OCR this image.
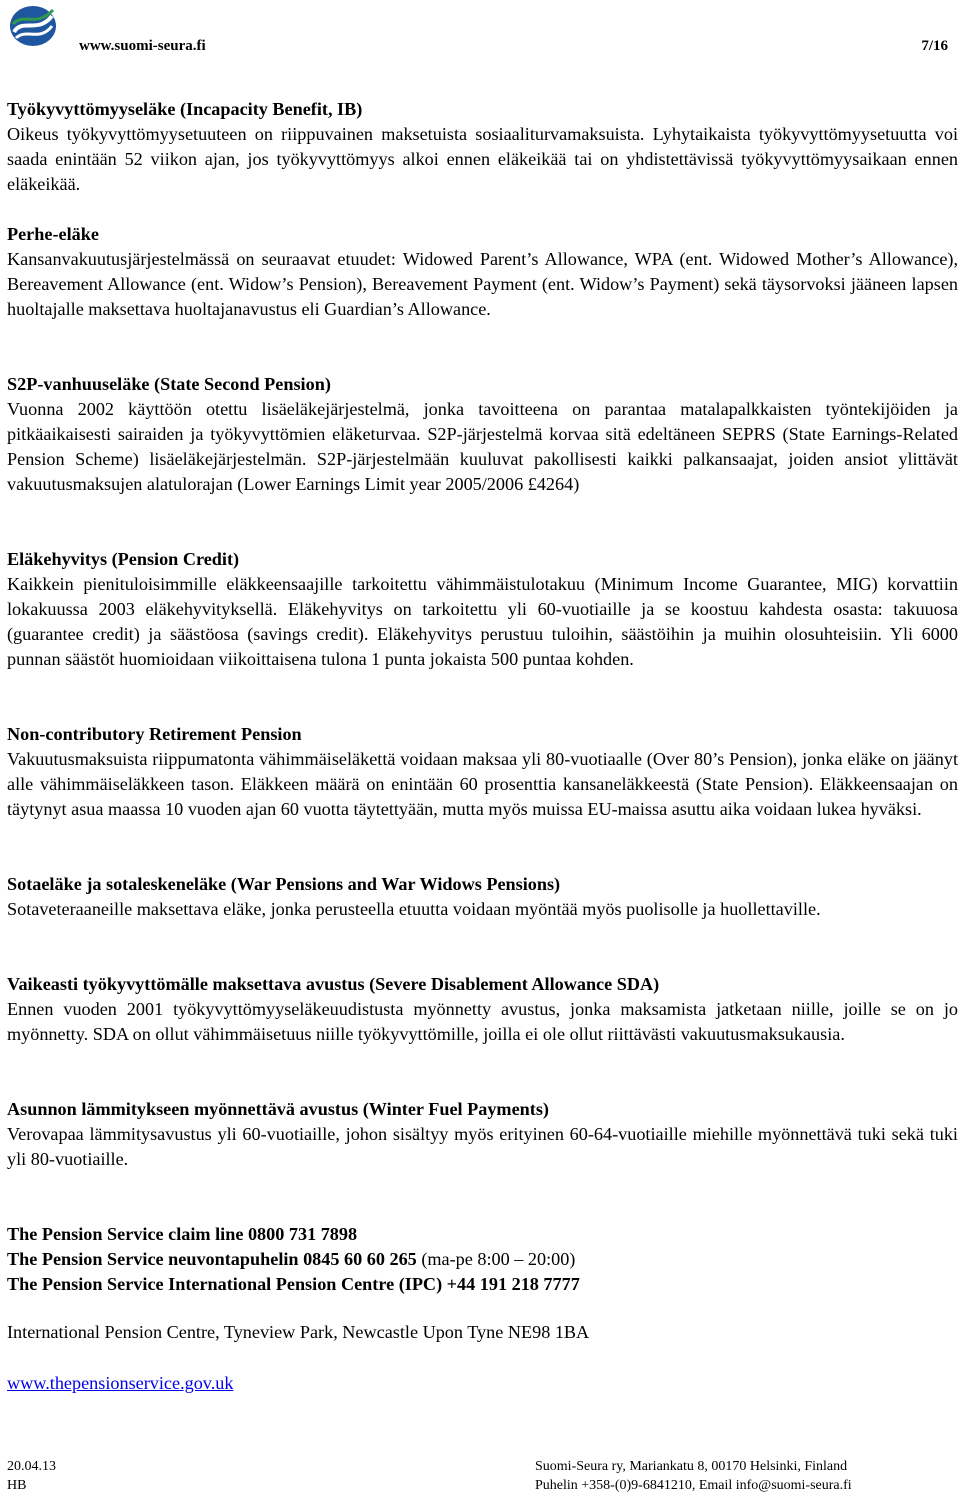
www.suomi-seura.fi	7/16
Työkyvyttömyyseläke (Incapacity Benefit, IB)

Oikeus työkyvyttömyysetuuteen on riippuvainen maksetuista sosiaaliturvamaksuista. Lyhytaikaista työkyvyttömyysetuutta voi saada enintään 52 viikon ajan, jos työkyvyttömyys alkoi ennen eläkeikää tai on yhdistettävissä työkyvyttömyysaikaan ennen eläkeikää.

Perhe-eläke

Kansanvakuutusjärjestelmässä on seuraavat etuudet: Widowed Parent’s Allowance, WPA (ent. Widowed Mother’s Allowance), Bereavement Allowance (ent. Widow’s Pension), Bereavement Payment (ent. Widow’s Payment) sekä täysorvoksi jääneen lapsen huoltajalle maksettava huoltajanavustus eli Guardian’s Allowance.

S2P-vanhuuseläke (State Second Pension)

Vuonna 2002 käyttöön otettu lisäeläkejärjestelmä, jonka tavoitteena on parantaa matalapalkkaisten työntekijöiden ja pitkäaikaisesti sairaiden ja työkyvyttömien eläketurvaa. S2P-järjestelmä korvaa sitä edeltäneen SEPRS (State Earnings-Related Pension Scheme) lisäeläkejärjestelmän. S2P-järjestelmään kuuluvat pakollisesti kaikki palkansaajat, joiden ansiot ylittävät vakuutusmaksujen alatulorajan (Lower Earnings Limit year 2005/2006 £4264)

Eläkehyvitys (Pension Credit)

Kaikkein pienituloisimmille eläkkeensaajille tarkoitettu vähimmäistulotakuu (Minimum Income Guarantee, MIG) korvattiin lokakuussa 2003 eläkehyvityksellä. Eläkehyvitys on tarkoitettu yli 60-vuotiaille ja se koostuu kahdesta osasta: takuuosa (guarantee credit) ja säästöosa (savings credit). Eläkehyvitys perustuu tuloihin, säästöihin ja muihin olosuhteisiin. Yli 6000 punnan säästöt huomioidaan viikoittaisena tulona 1 punta jokaista 500 puntaa kohden.

Non-contributory Retirement Pension

Vakuutusmaksuista riippumatonta vähimmäiseläkettä voidaan maksaa yli 80-vuotiaalle (Over 80’s Pension), jonka eläke on jäänyt alle vähimmäiseläkkeen tason. Eläkkeen määrä on enintään 60 prosenttia kansaneläkkeestä (State Pension). Eläkkeensaajan on täytynyt asua maassa 10 vuoden ajan 60 vuotta täytettyään, mutta myös muissa EU-maissa asuttu aika voidaan lukea hyväksi.

Sotaeläke ja sotaleskeneläke (War Pensions and War Widows Pensions)

Sotaveteraaneille maksettava eläke, jonka perusteella etuutta voidaan myöntää myös puolisolle ja huollettaville.

Vaikeasti työkyvyttömälle maksettava avustus (Severe Disablement Allowance SDA)

Ennen vuoden 2001 työkyvyttömyyseläkeuudistusta myönnetty avustus, jonka maksamista jatketaan niille, joille se on jo myönnetty. SDA on ollut vähimmäisetuus niille työkyvyttömille, joilla ei ole ollut riittävästi vakuutusmaksukausia.

Asunnon lämmitykseen myönnettävä avustus (Winter Fuel Payments)

Verovapaa lämmitysavustus yli 60-vuotiaille, johon sisältyy myös erityinen 60-64-vuotiaille miehille myönnettävä tuki sekä tuki yli 80-vuotiaille.

The Pension Service claim line 0800 731 7898
The Pension Service neuvontapuhelin 0845 60 60 265 (ma-pe 8:00 – 20:00)
The Pension Service International Pension Centre (IPC) +44 191 218 7777
International Pension Centre, Tyneview Park, Newcastle Upon Tyne NE98 1BA
www.thepensionservice.gov.uk
20.04.13
HB
Suomi-Seura ry, Mariankatu 8, 00170 Helsinki, Finland
Puhelin +358-(0)9-6841210, Email info@suomi-seura.fi
